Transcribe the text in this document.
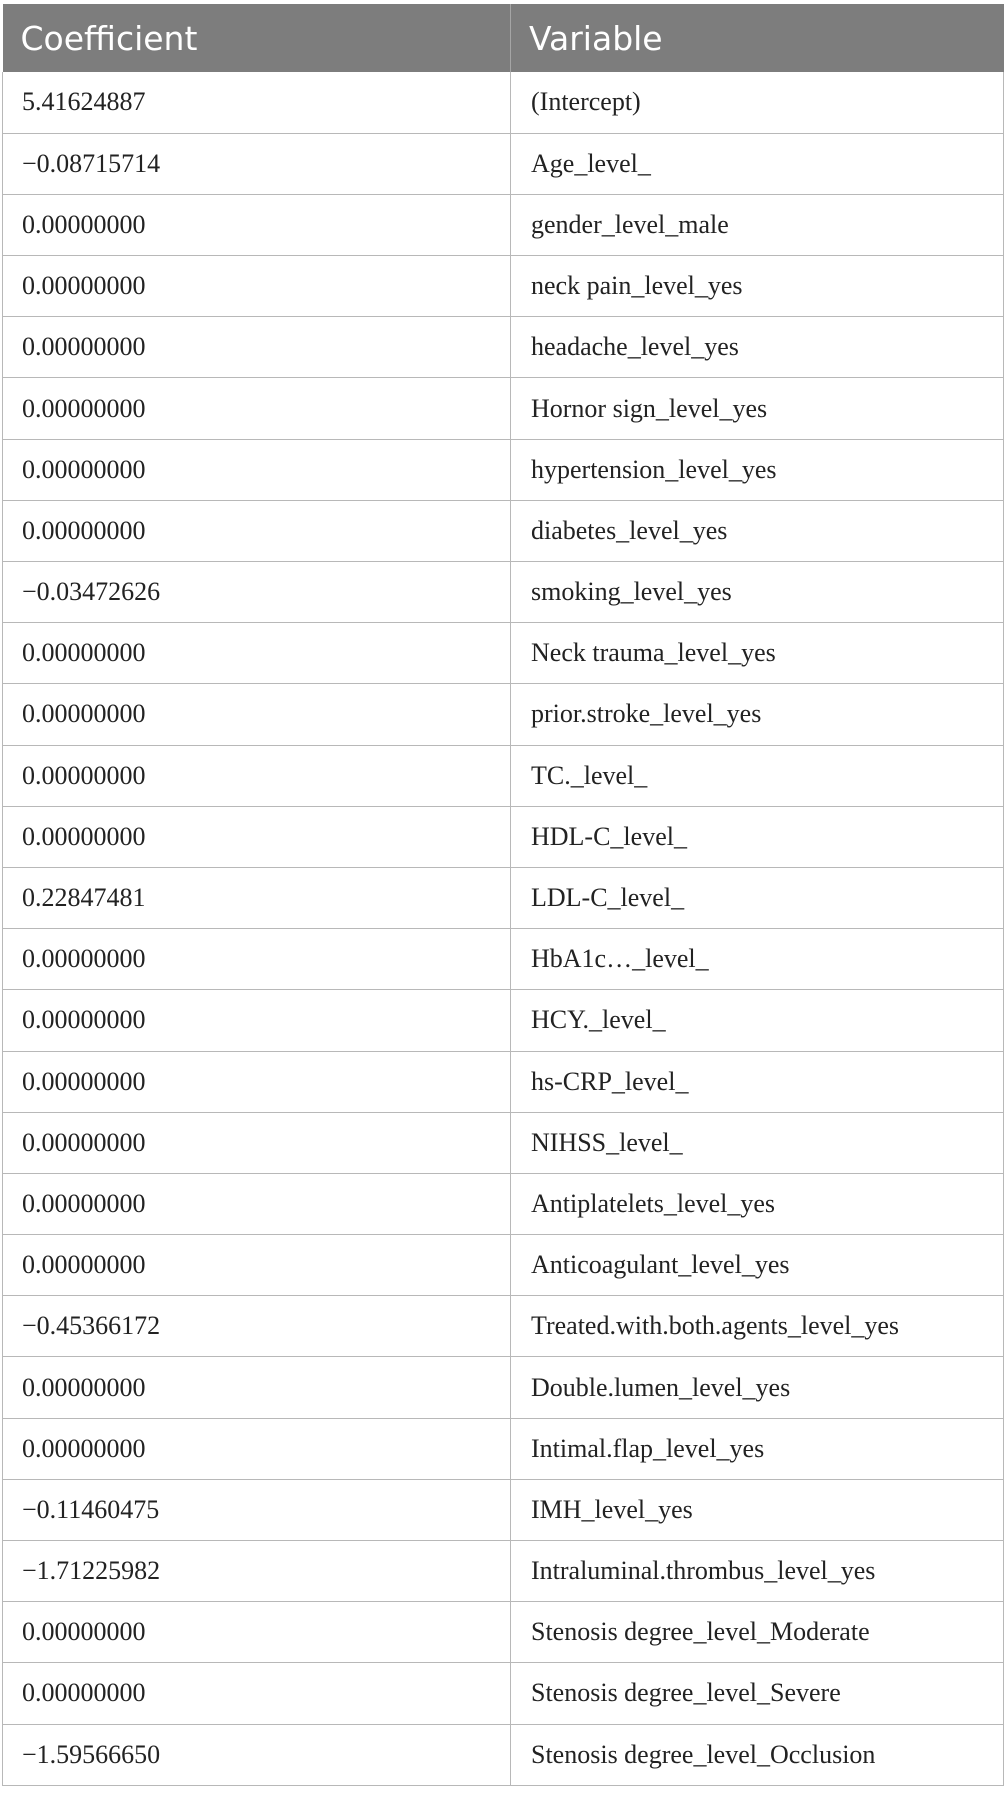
Coefficient	Variable
5.41624887	(Intercept)
−0.08715714	Age_level_
0.00000000	gender_level_male
0.00000000	neck pain_level_yes
0.00000000	headache_level_yes
0.00000000	Hornor sign_level_yes
0.00000000	hypertension_level_yes
0.00000000	diabetes_level_yes
−0.03472626	smoking_level_yes
0.00000000	Neck trauma_level_yes
0.00000000	prior.stroke_level_yes
0.00000000	TC._level_
0.00000000	HDL-C_level_
0.22847481	LDL-C_level_
0.00000000	HbA1c…_level_
0.00000000	HCY._level_
0.00000000	hs-CRP_level_
0.00000000	NIHSS_level_
0.00000000	Antiplatelets_level_yes
0.00000000	Anticoagulant_level_yes
−0.45366172	Treated.with.both.agents_level_yes
0.00000000	Double.lumen_level_yes
0.00000000	Intimal.flap_level_yes
−0.11460475	IMH_level_yes
−1.71225982	Intraluminal.thrombus_level_yes
0.00000000	Stenosis degree_level_Moderate
0.00000000	Stenosis degree_level_Severe
−1.59566650	Stenosis degree_level_Occlusion
